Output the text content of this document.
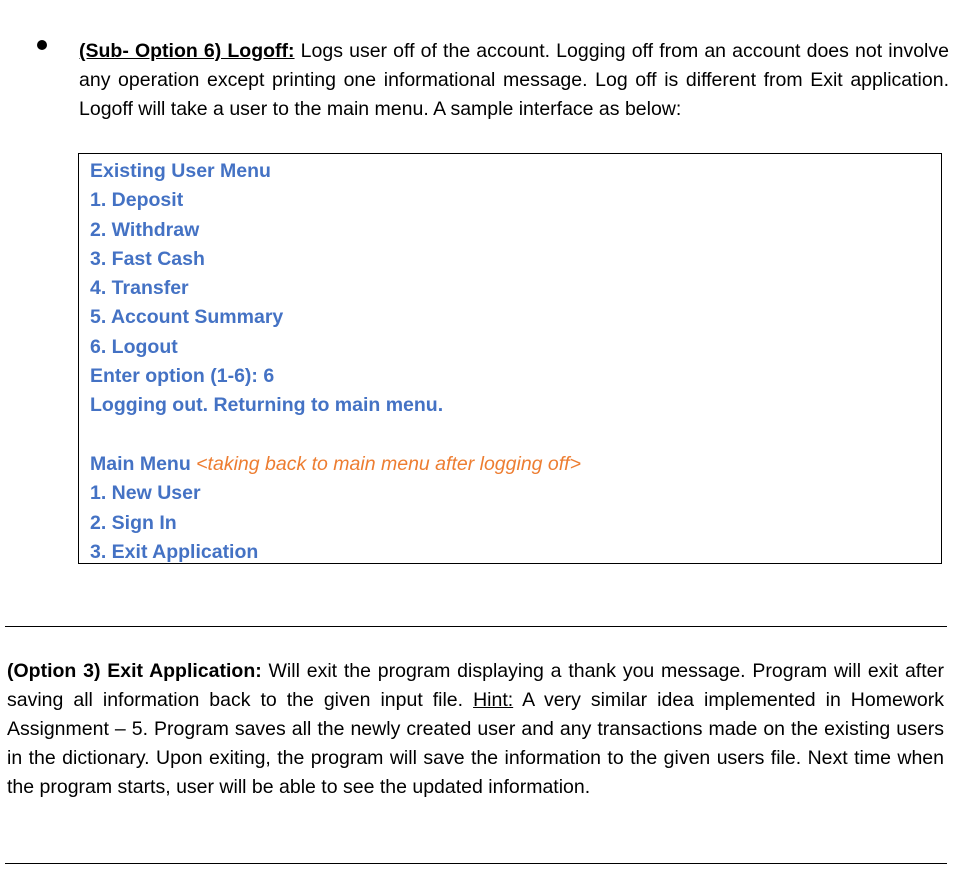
(Sub- Option 6) Logoff: Logs user off of the account. Logging off from an account does not involve any operation except printing one informational message. Log off is different from Exit application. Logoff will take a user to the main menu. A sample interface as below:
Existing User Menu
1. Deposit
2. Withdraw
3. Fast Cash
4. Transfer
5. Account Summary
6. Logout
Enter option (1-6): 6
Logging out. Returning to main menu.
Main Menu <taking back to main menu after logging off>
1. New User
2. Sign In
3. Exit Application
(Option 3) Exit Application: Will exit the program displaying a thank you message. Program will exit after saving all information back to the given input file. Hint: A very similar idea implemented in Homework Assignment – 5. Program saves all the newly created user and any transactions made on the existing users in the dictionary. Upon exiting, the program will save the information to the given users file. Next time when the program starts, user will be able to see the updated information.
